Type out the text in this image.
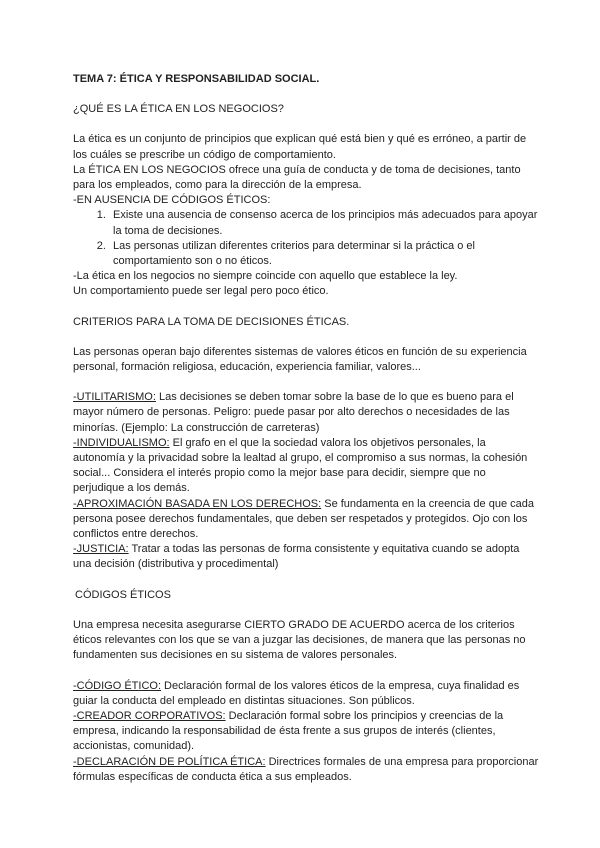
TEMA 7: ÉTICA Y RESPONSABILIDAD SOCIAL.

¿QUÉ ES LA ÉTICA EN LOS NEGOCIOS?

La ética es un conjunto de principios que explican qué está bien y qué es erróneo, a partir de los cuáles se prescribe un código de comportamiento.

La ÉTICA EN LOS NEGOCIOS ofrece una guía de conducta y de toma de decisiones, tanto para los empleados, como para la dirección de la empresa.

-EN AUSENCIA DE CÓDIGOS ÉTICOS:

1. Existe una ausencia de consenso acerca de los principios más adecuados para apoyar la toma de decisiones.
2. Las personas utilizan diferentes criterios para determinar si la práctica o el comportamiento son o no éticos.

-La ética en los negocios no siempre coincide con aquello que establece la ley.

Un comportamiento puede ser legal pero poco ético.

CRITERIOS PARA LA TOMA DE DECISIONES ÉTICAS.

Las personas operan bajo diferentes sistemas de valores éticos en función de su experiencia personal, formación religiosa, educación, experiencia familiar, valores...

-UTILITARISMO: Las decisiones se deben tomar sobre la base de lo que es bueno para el mayor número de personas. Peligro: puede pasar por alto derechos o necesidades de las minorías. (Ejemplo: La construcción de carreteras)

-INDIVIDUALISMO: El grafo en el que la sociedad valora los objetivos personales, la autonomía y la privacidad sobre la lealtad al grupo, el compromiso a sus normas, la cohesión social... Considera el interés propio como la mejor base para decidir, siempre que no perjudique a los demás.

-APROXIMACIÓN BASADA EN LOS DERECHOS: Se fundamenta en la creencia de que cada persona posee derechos fundamentales, que deben ser respetados y protegidos. Ojo con los conflictos entre derechos.

-JUSTICIA: Tratar a todas las personas de forma consistente y equitativa cuando se adopta una decisión (distributiva y procedimental)

CÓDIGOS ÉTICOS

Una empresa necesita asegurarse CIERTO GRADO DE ACUERDO acerca de los criterios éticos relevantes con los que se van a juzgar las decisiones, de manera que las personas no fundamenten sus decisiones en su sistema de valores personales.

-CÓDIGO ÉTICO: Declaración formal de los valores éticos de la empresa, cuya finalidad es guiar la conducta del empleado en distintas situaciones. Son públicos.

-CREADOR CORPORATIVOS: Declaración formal sobre los principios y creencias de la empresa, indicando la responsabilidad de ésta frente a sus grupos de interés (clientes, accionistas, comunidad).

-DECLARACIÓN DE POLÍTICA ÉTICA: Directrices formales de una empresa para proporcionar fórmulas específicas de conducta ética a sus empleados.
